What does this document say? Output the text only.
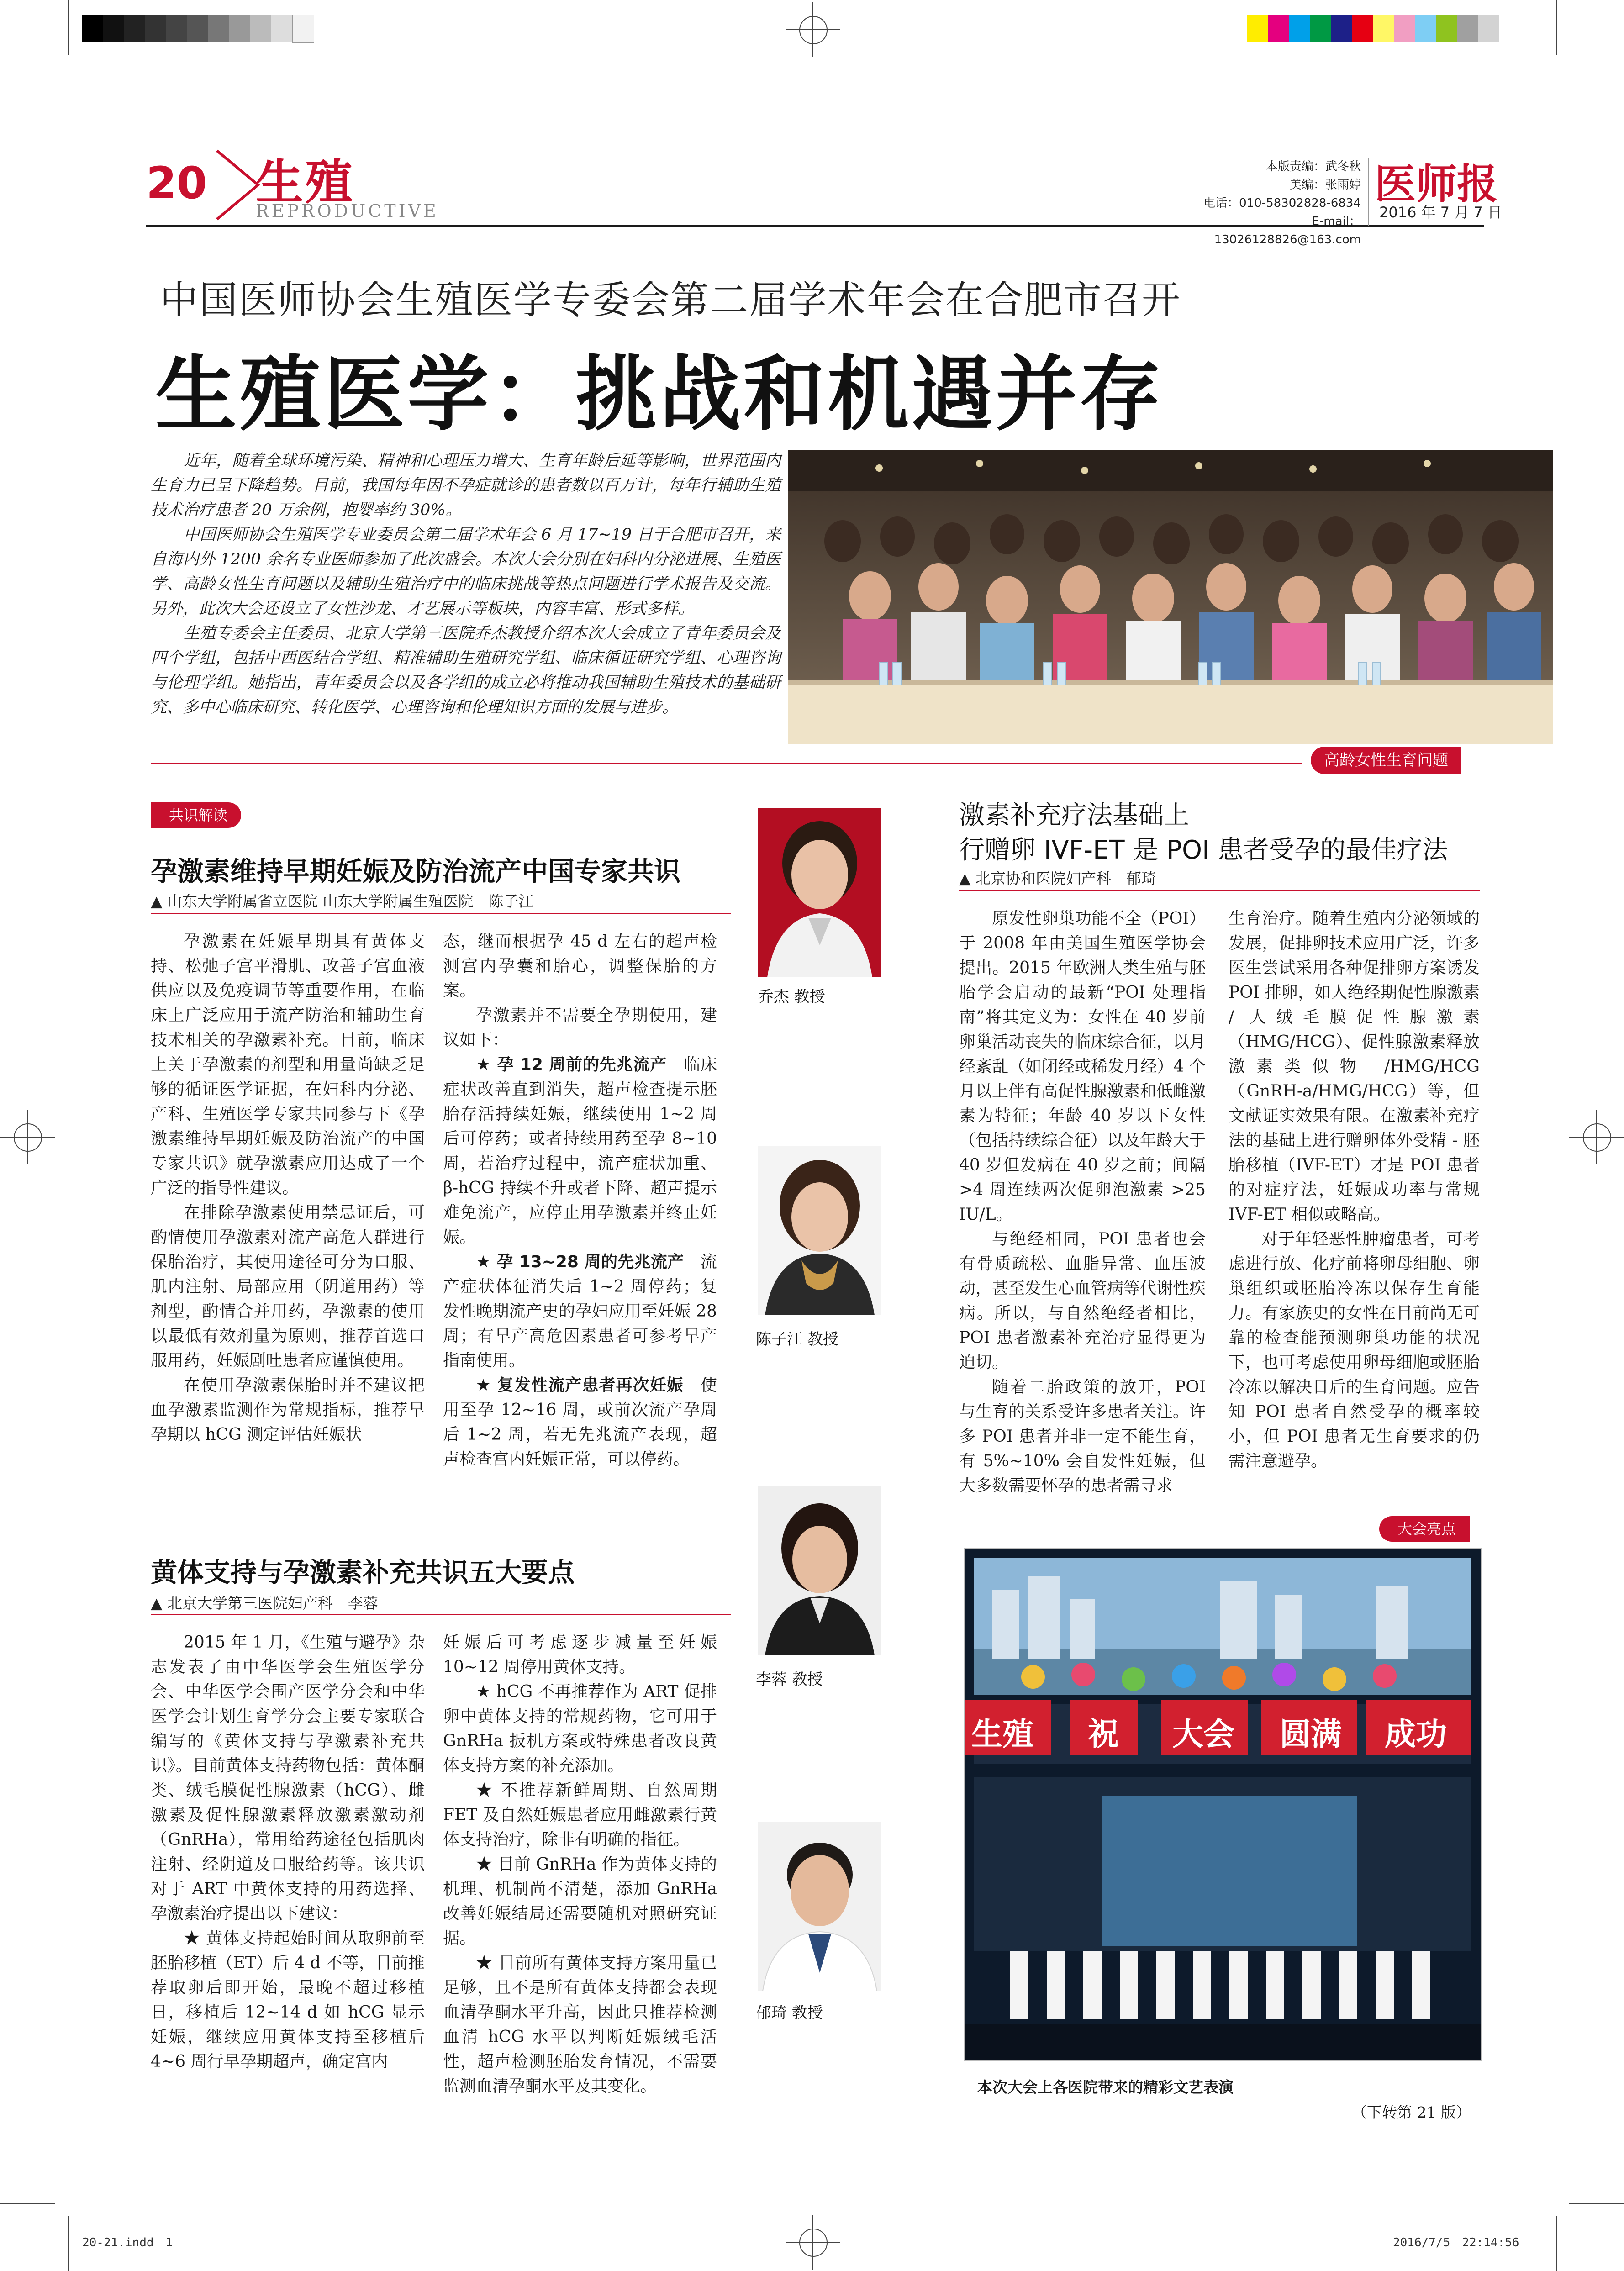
20 生殖
REPRODUCTIVE
本版责编：武冬秋
美编：张雨婷
电话：010-58302828-6834
E-mail：13026128826@163.com
医师报
2016 年 7 月 7 日
中国医师协会生殖医学专委会第二届学术年会在合肥市召开
生殖医学：挑战和机遇并存

近年，随着全球环境污染、精神和心理压力增大、生育年龄后延等影响，世界范围内生育力已呈下降趋势。目前，我国每年因不孕症就诊的患者数以百万计，每年行辅助生殖技术治疗患者 20 万余例，抱婴率约 30%。

中国医师协会生殖医学专业委员会第二届学术年会 6 月 17~19 日于合肥市召开，来自海内外 1200 余名专业医师参加了此次盛会。本次大会分别在妇科内分泌进展、生殖医学、高龄女性生育问题以及辅助生殖治疗中的临床挑战等热点问题进行学术报告及交流。另外，此次大会还设立了女性沙龙、才艺展示等板块，内容丰富、形式多样。

生殖专委会主任委员、北京大学第三医院乔杰教授介绍本次大会成立了青年委员会及四个学组，包括中西医结合学组、精准辅助生殖研究学组、临床循证研究学组、心理咨询与伦理学组。她指出，青年委员会以及各学组的成立必将推动我国辅助生殖技术的基础研究、多中心临床研究、转化医学、心理咨询和伦理知识方面的发展与进步。

高龄女性生育问题
共识解读
孕激素维持早期妊娠及防治流产中国专家共识
▲ 山东大学附属省立医院 山东大学附属生殖医院　陈子江

孕激素在妊娠早期具有黄体支持、松弛子宫平滑肌、改善子宫血液供应以及免疫调节等重要作用，在临床上广泛应用于流产防治和辅助生育技术相关的孕激素补充。目前，临床上关于孕激素的剂型和用量尚缺乏足够的循证医学证据，在妇科内分泌、产科、生殖医学专家共同参与下《孕激素维持早期妊娠及防治流产的中国专家共识》就孕激素应用达成了一个广泛的指导性建议。

在排除孕激素使用禁忌证后，可酌情使用孕激素对流产高危人群进行保胎治疗，其使用途径可分为口服、肌内注射、局部应用（阴道用药）等剂型，酌情合并用药，孕激素的使用以最低有效剂量为原则，推荐首选口服用药，妊娠剧吐患者应谨慎使用。

在使用孕激素保胎时并不建议把血孕激素监测作为常规指标，推荐早孕期以 hCG 测定评估妊娠状

态，继而根据孕 45 d 左右的超声检测宫内孕囊和胎心，调整保胎的方案。

孕激素并不需要全孕期使用，建议如下：

★ 孕 12 周前的先兆流产　 临床症状改善直到消失，超声检查提示胚胎存活持续妊娠，继续使用 1~2 周后可停药；或者持续用药至孕 8~10 周，若治疗过程中，流产症状加重、β-hCG 持续不升或者下降、超声提示难免流产，应停止用孕激素并终止妊娠。

★ 孕 13~28 周的先兆流产　 流产症状体征消失后 1~2 周停药；复发性晚期流产史的孕妇应用至妊娠 28 周；有早产高危因素患者可参考早产指南使用。

★ 复发性流产患者再次妊娠　 使用至孕 12~16 周，或前次流产孕周后 1~2 周，若无先兆流产表现，超声检查宫内妊娠正常，可以停药。

黄体支持与孕激素补充共识五大要点
▲ 北京大学第三医院妇产科　李蓉

2015 年 1 月，《生殖与避孕》杂志发表了由中华医学会生殖医学分会、中华医学会围产医学分会和中华医学会计划生育学分会主要专家联合编写的《黄体支持与孕激素补充共识》。目前黄体支持药物包括：黄体酮类、绒毛膜促性腺激素（hCG）、雌激素及促性腺激素释放激素激动剂（GnRHa），常用给药途径包括肌肉注射、经阴道及口服给药等。该共识对于 ART 中黄体支持的用药选择、孕激素治疗提出以下建议：

★ 黄体支持起始时间从取卵前至胚胎移植（ET）后 4 d 不等，目前推荐取卵后即开始，最晚不超过移植日，移植后 12~14 d 如 hCG 显示妊娠，继续应用黄体支持至移植后 4~6 周行早孕期超声，确定宫内

妊娠后可考虑逐步减量至妊娠 10~12 周停用黄体支持。

★ hCG 不再推荐作为 ART 促排卵中黄体支持的常规药物，它可用于 GnRHa 扳机方案或特殊患者改良黄体支持方案的补充添加。

★ 不推荐新鲜周期、自然周期 FET 及自然妊娠患者应用雌激素行黄体支持治疗，除非有明确的指征。

★ 目前 GnRHa 作为黄体支持的机理、机制尚不清楚，添加 GnRHa 改善妊娠结局还需要随机对照研究证据。

★ 目前所有黄体支持方案用量已足够，且不是所有黄体支持都会表现血清孕酮水平升高，因此只推荐检测血清 hCG 水平以判断妊娠绒毛活性，超声检测胚胎发育情况，不需要监测血清孕酮水平及其变化。

乔杰 教授
陈子江 教授
李蓉 教授
郁琦 教授
激素补充疗法基础上
行赠卵 IVF-ET 是 POI 患者受孕的最佳疗法
▲ 北京协和医院妇产科　郁琦

原发性卵巢功能不全（POI）于 2008 年由美国生殖医学协会提出。2015 年欧洲人类生殖与胚胎学会启动的最新“POI 处理指南”将其定义为：女性在 40 岁前卵巢活动丧失的临床综合征，以月经紊乱（如闭经或稀发月经）4 个月以上伴有高促性腺激素和低雌激素为特征；年龄 40 岁以下女性（包括持续综合征）以及年龄大于 40 岁但发病在 40 岁之前；间隔 >4 周连续两次促卵泡激素 >25 IU/L。

与绝经相同，POI 患者也会有骨质疏松、血脂异常、血压波动，甚至发生心血管病等代谢性疾病。所以，与自然绝经者相比，POI 患者激素补充治疗显得更为迫切。

随着二胎政策的放开，POI 与生育的关系受许多患者关注。许多 POI 患者并非一定不能生育，有 5%~10% 会自发性妊娠，但大多数需要怀孕的患者需寻求

生育治疗。随着生殖内分泌领域的发展，促排卵技术应用广泛，许多医生尝试采用各种促排卵方案诱发 POI 排卵，如人绝经期促性腺激素 / 人绒毛膜促性腺激素（HMG/HCG）、促性腺激素释放激素类似物 /HMG/HCG（GnRH-a/HMG/HCG）等，但文献证实效果有限。在激素补充疗法的基础上进行赠卵体外受精 - 胚胎移植（IVF-ET）才是 POI 患者的对症疗法，妊娠成功率与常规 IVF-ET 相似或略高。

对于年轻恶性肿瘤患者，可考虑进行放、化疗前将卵母细胞、卵巢组织或胚胎冷冻以保存生育能力。有家族史的女性在目前尚无可靠的检查能预测卵巢功能的状况下，也可考虑使用卵母细胞或胚胎冷冻以解决日后的生育问题。应告知 POI 患者自然受孕的概率较小，但 POI 患者无生育要求的仍需注意避孕。

大会亮点
生殖 祝 大会 圆满 成功
本次大会上各医院带来的精彩文艺表演
（下转第 21 版）
20-21.indd　1	2016/7/5　22:14:56
